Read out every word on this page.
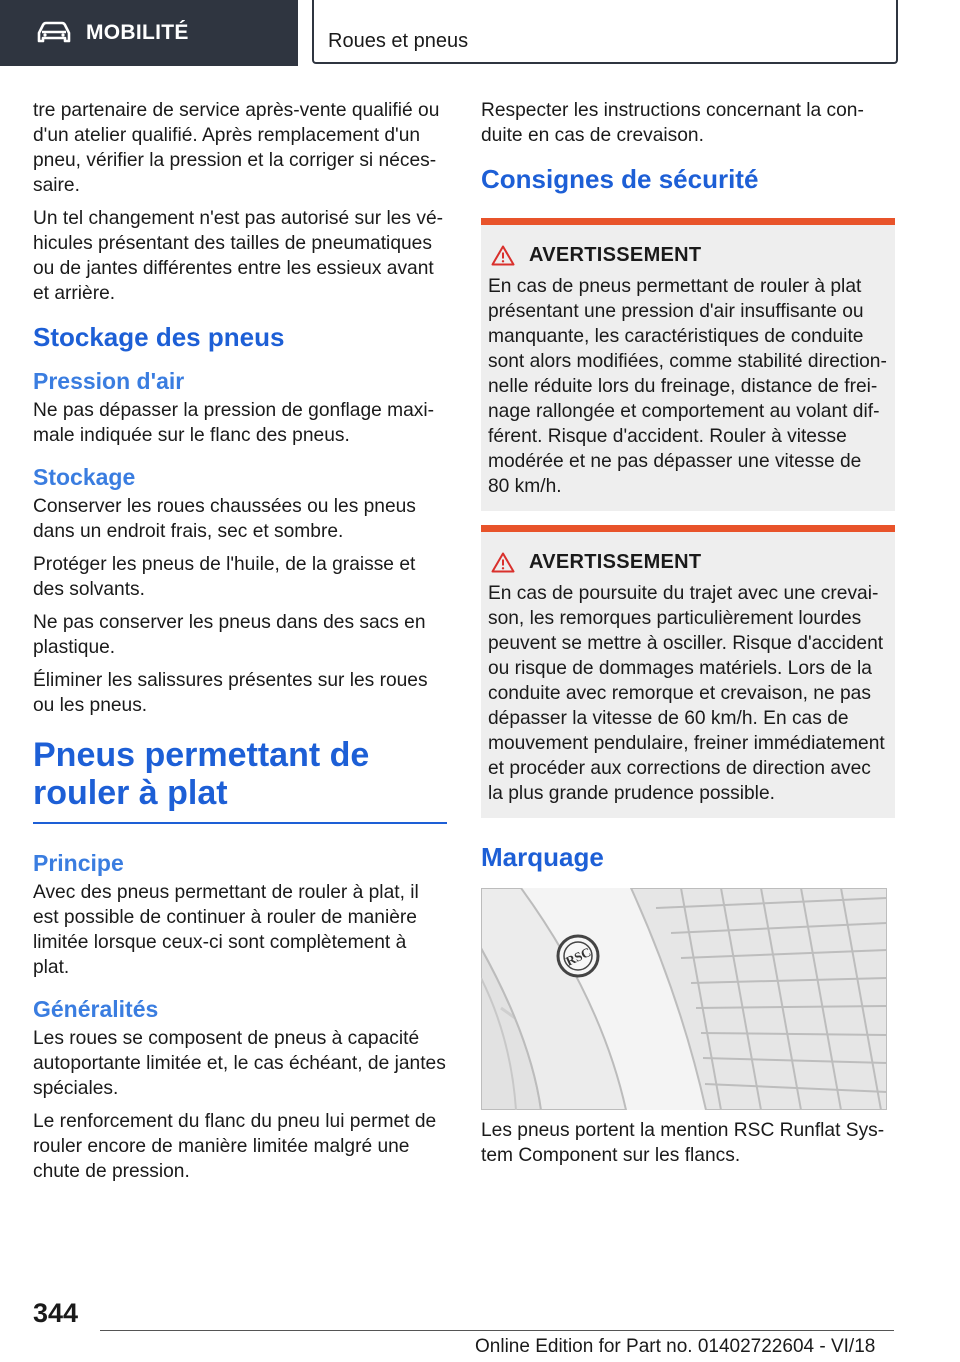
MOBILITÉ	Roues et pneus

tre partenaire de service après-vente qualifié ou d'un atelier qualifié. Après remplacement d'un pneu, vérifier la pression et la corriger si nécessaire.

Un tel changement n'est pas autorisé sur les véhicules présentant des tailles de pneumatiques ou de jantes différentes entre les essieux avant et arrière.

Stockage des pneus
Pression d'air

Ne pas dépasser la pression de gonflage maximale indiquée sur le flanc des pneus.

Stockage

Conserver les roues chaussées ou les pneus dans un endroit frais, sec et sombre.

Protéger les pneus de l'huile, de la graisse et des solvants.

Ne pas conserver les pneus dans des sacs en plastique.

Éliminer les salissures présentes sur les roues ou les pneus.

Pneus permettant de rouler à plat
Principe

Avec des pneus permettant de rouler à plat, il est possible de continuer à rouler de manière limitée lorsque ceux-ci sont complètement à plat.

Généralités

Les roues se composent de pneus à capacité autoportante limitée et, le cas échéant, de jantes spéciales.

Le renforcement du flanc du pneu lui permet de rouler encore de manière limitée malgré une chute de pression.

Respecter les instructions concernant la conduite en cas de crevaison.

Consignes de sécurité
AVERTISSEMENT

En cas de pneus permettant de rouler à plat présentant une pression d'air insuffisante ou manquante, les caractéristiques de conduite sont alors modifiées, comme stabilité directionnelle réduite lors du freinage, distance de freinage rallongée et comportement au volant différent. Risque d'accident. Rouler à vitesse modérée et ne pas dépasser une vitesse de 80 km/h.

AVERTISSEMENT

En cas de poursuite du trajet avec une crevaison, les remorques particulièrement lourdes peuvent se mettre à osciller. Risque d'accident ou risque de dommages matériels. Lors de la conduite avec remorque et crevaison, ne pas dépasser la vitesse de 60 km/h. En cas de mouvement pendulaire, freiner immédiatement et procéder aux corrections de direction avec la plus grande prudence possible.

Marquage
RSC

Les pneus portent la mention RSC Runflat System Component sur les flancs.

344
Online Edition for Part no. 01402722604 - VI/18
